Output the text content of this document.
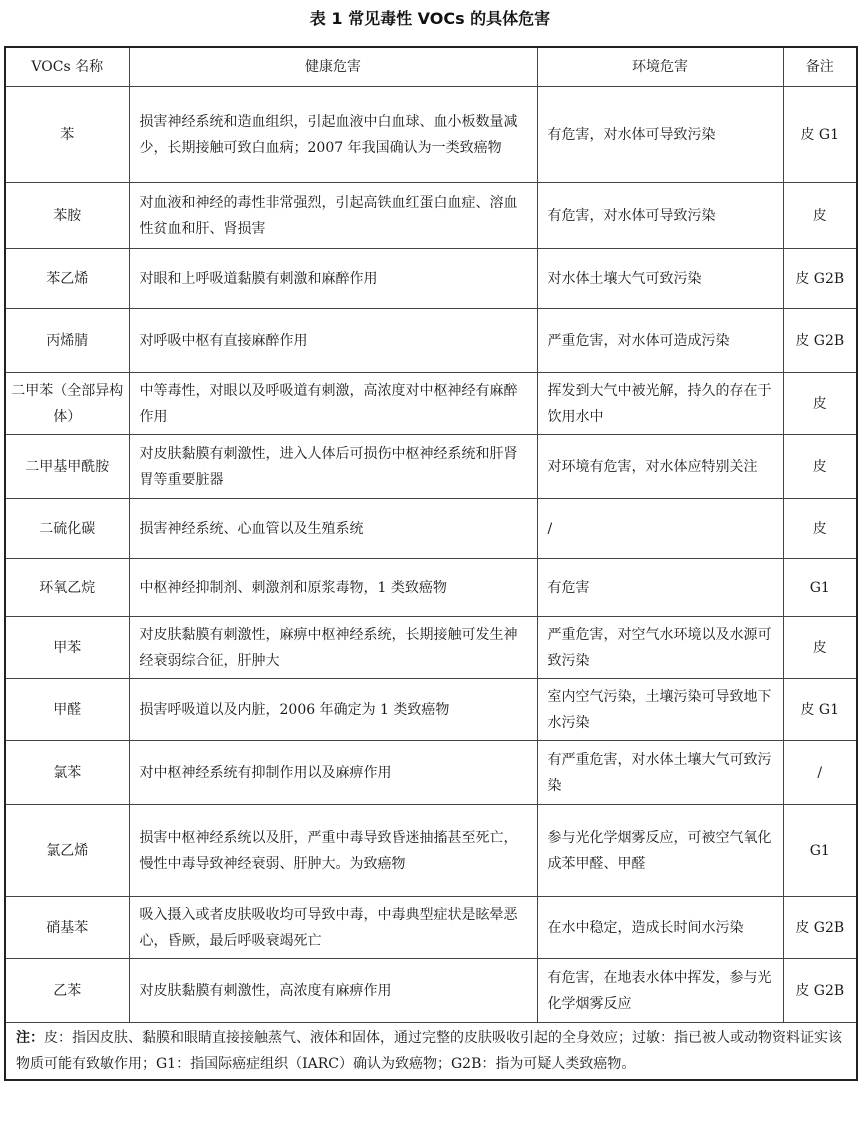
表 1 常见毒性 VOCs 的具体危害
VOCs 名称	健康危害	环境危害	备注
苯	损害神经系统和造血组织，引起血液中白血球、血小板数量减少，长期接触可致白血病；2007 年我国确认为一类致癌物	有危害，对水体可导致污染	皮 G1
苯胺	对血液和神经的毒性非常强烈，引起高铁血红蛋白血症、溶血性贫血和肝、肾损害	有危害，对水体可导致污染	皮
苯乙烯	对眼和上呼吸道黏膜有刺激和麻醉作用	对水体土壤大气可致污染	皮 G2B
丙烯腈	对呼吸中枢有直接麻醉作用	严重危害，对水体可造成污染	皮 G2B
二甲苯（全部异构体）	中等毒性，对眼以及呼吸道有刺激，高浓度对中枢神经有麻醉作用	挥发到大气中被光解，持久的存在于饮用水中	皮
二甲基甲酰胺	对皮肤黏膜有刺激性，进入人体后可损伤中枢神经系统和肝肾胃等重要脏器	对环境有危害，对水体应特别关注	皮
二硫化碳	损害神经系统、心血管以及生殖系统	/	皮
环氧乙烷	中枢神经抑制剂、刺激剂和原浆毒物，1 类致癌物	有危害	G1
甲苯	对皮肤黏膜有刺激性，麻痹中枢神经系统，长期接触可发生神经衰弱综合征，肝肿大	严重危害，对空气水环境以及水源可致污染	皮
甲醛	损害呼吸道以及内脏，2006 年确定为 1 类致癌物	室内空气污染，土壤污染可导致地下水污染	皮 G1
氯苯	对中枢神经系统有抑制作用以及麻痹作用	有严重危害，对水体土壤大气可致污染	/
氯乙烯	损害中枢神经系统以及肝，严重中毒导致昏迷抽搐甚至死亡，慢性中毒导致神经衰弱、肝肿大。为致癌物	参与光化学烟雾反应，可被空气氧化成苯甲醛、甲醛	G1
硝基苯	吸入摄入或者皮肤吸收均可导致中毒，中毒典型症状是眩晕恶心，昏厥，最后呼吸衰竭死亡	在水中稳定，造成长时间水污染	皮 G2B
乙苯	对皮肤黏膜有刺激性，高浓度有麻痹作用	有危害，在地表水体中挥发，参与光化学烟雾反应	皮 G2B
注：皮：指因皮肤、黏膜和眼睛直接接触蒸气、液体和固体，通过完整的皮肤吸收引起的全身效应；过敏：指已被人或动物资料证实该物质可能有致敏作用；G1：指国际癌症组织（IARC）确认为致癌物；G2B：指为可疑人类致癌物。			
